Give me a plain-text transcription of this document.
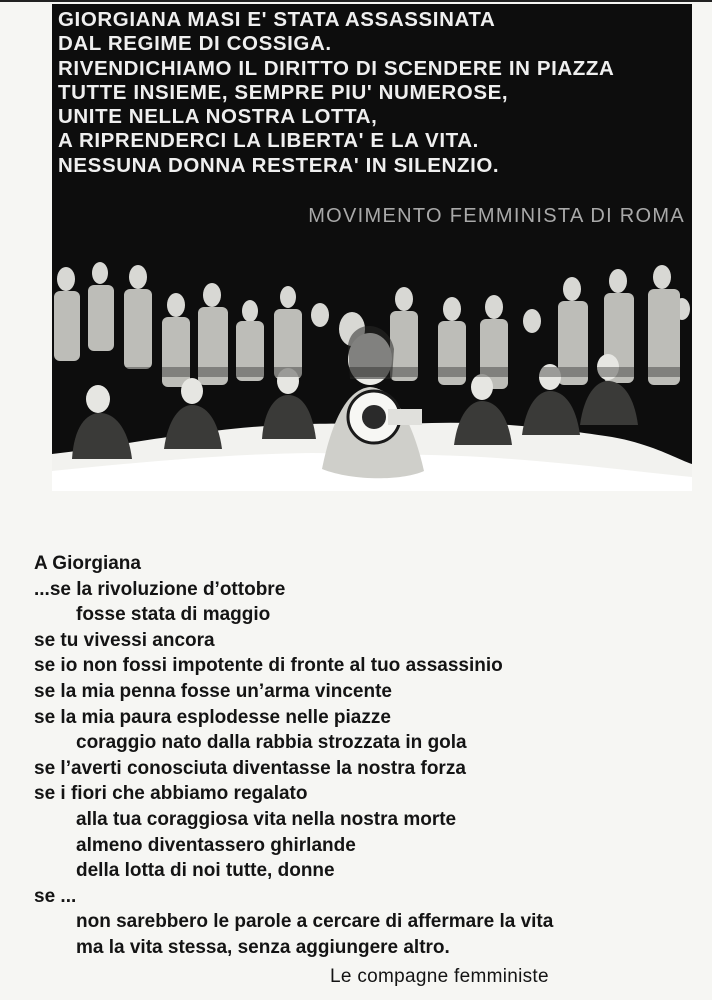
GIORGIANA MASI E' STATA ASSASSINATA
DAL REGIME DI COSSIGA.
RIVENDICHIAMO IL DIRITTO DI SCENDERE IN PIAZZA
TUTTE INSIEME, SEMPRE PIU' NUMEROSE,
UNITE NELLA NOSTRA LOTTA,
A RIPRENDERCI LA LIBERTA' E LA VITA.
NESSUNA DONNA RESTERA' IN SILENZIO.
MOVIMENTO FEMMINISTA DI ROMA
A Giorgiana
...se la rivoluzione d’ottobre
fosse stata di maggio
se tu vivessi ancora
se io non fossi impotente di fronte al tuo assassinio
se la mia penna fosse un’arma vincente
se la mia paura esplodesse nelle piazze
coraggio nato dalla rabbia strozzata in gola
se l’averti conosciuta diventasse la nostra forza
se i fiori che abbiamo regalato
alla tua coraggiosa vita nella nostra morte
almeno diventassero ghirlande
della lotta di noi tutte, donne
se ...
non sarebbero le parole a cercare di affermare la vita
ma la vita stessa, senza aggiungere altro.
Le compagne femministe
